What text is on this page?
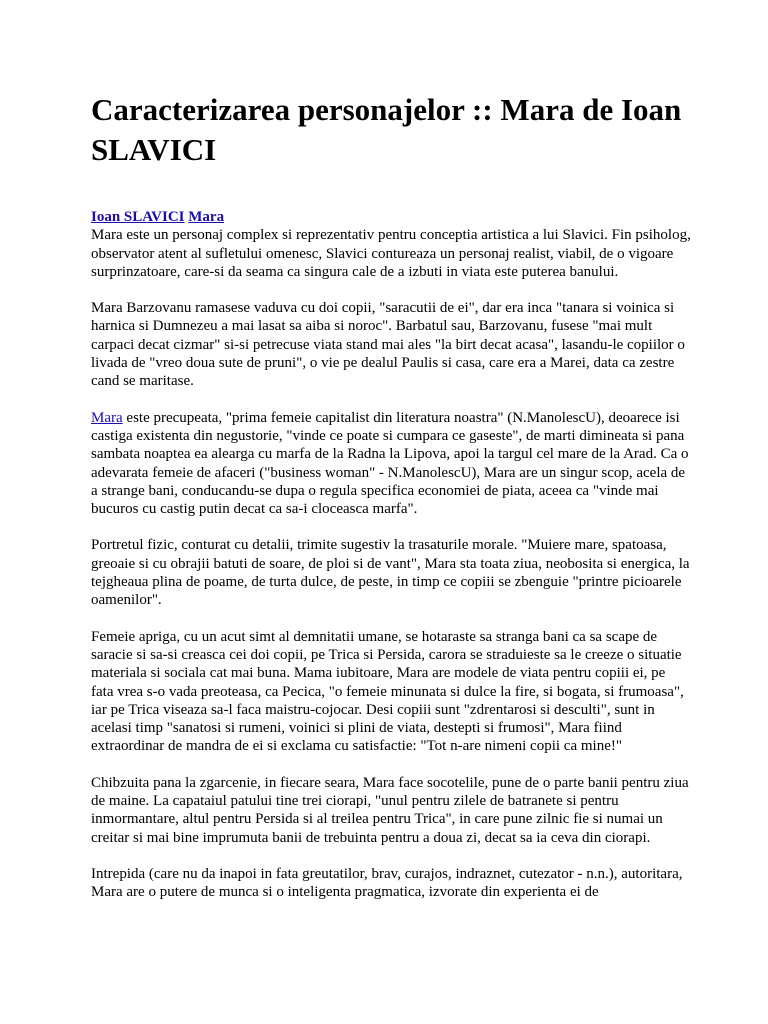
Caracterizarea personajelor :: Mara de Ioan SLAVICI

Ioan SLAVICI Mara
Mara este un personaj complex si reprezentativ pentru conceptia artistica a lui Slavici. Fin psiholog, observator atent al sufletului omenesc, Slavici contureaza un personaj realist, viabil, de o vigoare surprinzatoare, care-si da seama ca singura cale de a izbuti in viata este puterea banului.

Mara Barzovanu ramasese vaduva cu doi copii, "saracutii de ei", dar era inca "tanara si voinica si harnica si Dumnezeu a mai lasat sa aiba si noroc". Barbatul sau, Barzovanu, fusese "mai mult carpaci decat cizmar" si-si petrecuse viata stand mai ales "la birt decat acasa", lasandu-le copiilor o livada de "vreo doua sute de pruni", o vie pe dealul Paulis si casa, care era a Marei, data ca zestre cand se maritase.

Mara este precupeata, "prima femeie capitalist din literatura noastra" (N.ManolescU), deoarece isi castiga existenta din negustorie, "vinde ce poate si cumpara ce gaseste", de marti dimineata si pana sambata noaptea ea alearga cu marfa de la Radna la Lipova, apoi la targul cel mare de la Arad. Ca o adevarata femeie de afaceri ("business woman" - N.ManolescU), Mara are un singur scop, acela de a strange bani, conducandu-se dupa o regula specifica economiei de piata, aceea ca "vinde mai bucuros cu castig putin decat ca sa-i cloceasca marfa".

Portretul fizic, conturat cu detalii, trimite sugestiv la trasaturile morale. "Muiere mare, spatoasa, greoaie si cu obrajii batuti de soare, de ploi si de vant", Mara sta toata ziua, neobosita si energica, la tejgheaua plina de poame, de turta dulce, de peste, in timp ce copiii se zbenguie "printre picioarele oamenilor".

Femeie apriga, cu un acut simt al demnitatii umane, se hotaraste sa stranga bani ca sa scape de saracie si sa-si creasca cei doi copii, pe Trica si Persida, carora se straduieste sa le creeze o situatie materiala si sociala cat mai buna. Mama iubitoare, Mara are modele de viata pentru copiii ei, pe fata vrea s-o vada preoteasa, ca Pecica, "o femeie minunata si dulce la fire, si bogata, si frumoasa", iar pe Trica viseaza sa-l faca maistru-cojocar. Desi copiii sunt "zdrentarosi si desculti", sunt in acelasi timp "sanatosi si rumeni, voinici si plini de viata, destepti si frumosi", Mara fiind extraordinar de mandra de ei si exclama cu satisfactie: "Tot n-are nimeni copii ca mine!"

Chibzuita pana la zgarcenie, in fiecare seara, Mara face socotelile, pune de o parte banii pentru ziua de maine. La capataiul patului tine trei ciorapi, "unul pentru zilele de batranete si pentru inmormantare, altul pentru Persida si al treilea pentru Trica", in care pune zilnic fie si numai un creitar si mai bine imprumuta banii de trebuinta pentru a doua zi, decat sa ia ceva din ciorapi.

Intrepida (care nu da inapoi in fata greutatilor, brav, curajos, indraznet, cutezator - n.n.), autoritara, Mara are o putere de munca si o inteligenta pragmatica, izvorate din experienta ei de
